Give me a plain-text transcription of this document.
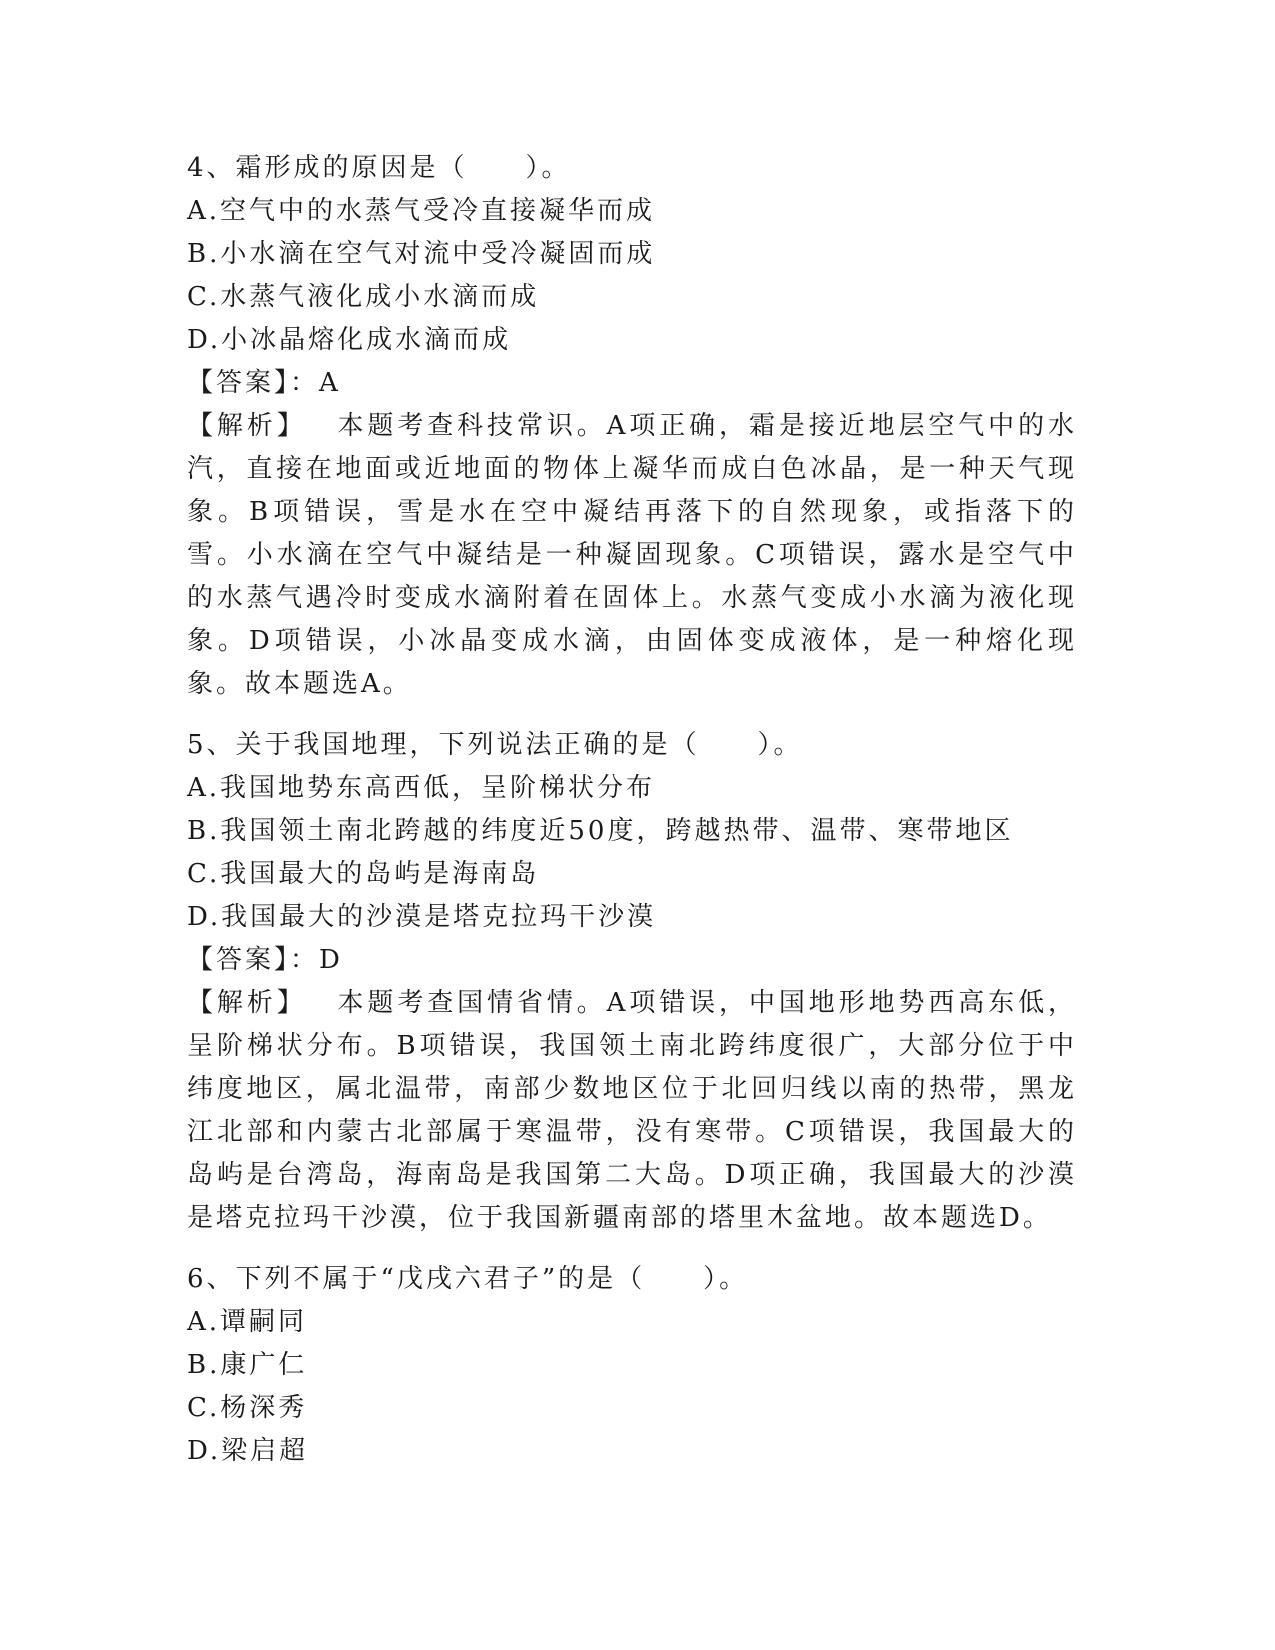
4、霜形成的原因是（　　）。
A.空气中的水蒸气受冷直接凝华而成
B.小水滴在空气对流中受冷凝固而成
C.水蒸气液化成小水滴而成
D.小冰晶熔化成水滴而成
【答案】：A
【解析】 本题考查科技常识。A项正确，霜是接近地层空气中的水汽，直接在地面或近地面的物体上凝华而成白色冰晶，是一种天气现象。B项错误，雪是水在空中凝结再落下的自然现象，或指落下的雪。小水滴在空气中凝结是一种凝固现象。C项错误，露水是空气中的水蒸气遇冷时变成水滴附着在固体上。水蒸气变成小水滴为液化现象。D项错误，小冰晶变成水滴，由固体变成液体，是一种熔化现象。故本题选A。
5、关于我国地理，下列说法正确的是（　　）。
A.我国地势东高西低，呈阶梯状分布
B.我国领土南北跨越的纬度近50度，跨越热带、温带、寒带地区
C.我国最大的岛屿是海南岛
D.我国最大的沙漠是塔克拉玛干沙漠
【答案】：D
【解析】 本题考查国情省情。A项错误，中国地形地势西高东低，呈阶梯状分布。B项错误，我国领土南北跨纬度很广，大部分位于中纬度地区，属北温带，南部少数地区位于北回归线以南的热带，黑龙江北部和内蒙古北部属于寒温带，没有寒带。C项错误，我国最大的岛屿是台湾岛，海南岛是我国第二大岛。D项正确，我国最大的沙漠是塔克拉玛干沙漠，位于我国新疆南部的塔里木盆地。故本题选D。
6、下列不属于“戊戌六君子”的是（　　）。
A.谭嗣同
B.康广仁
C.杨深秀
D.梁启超
